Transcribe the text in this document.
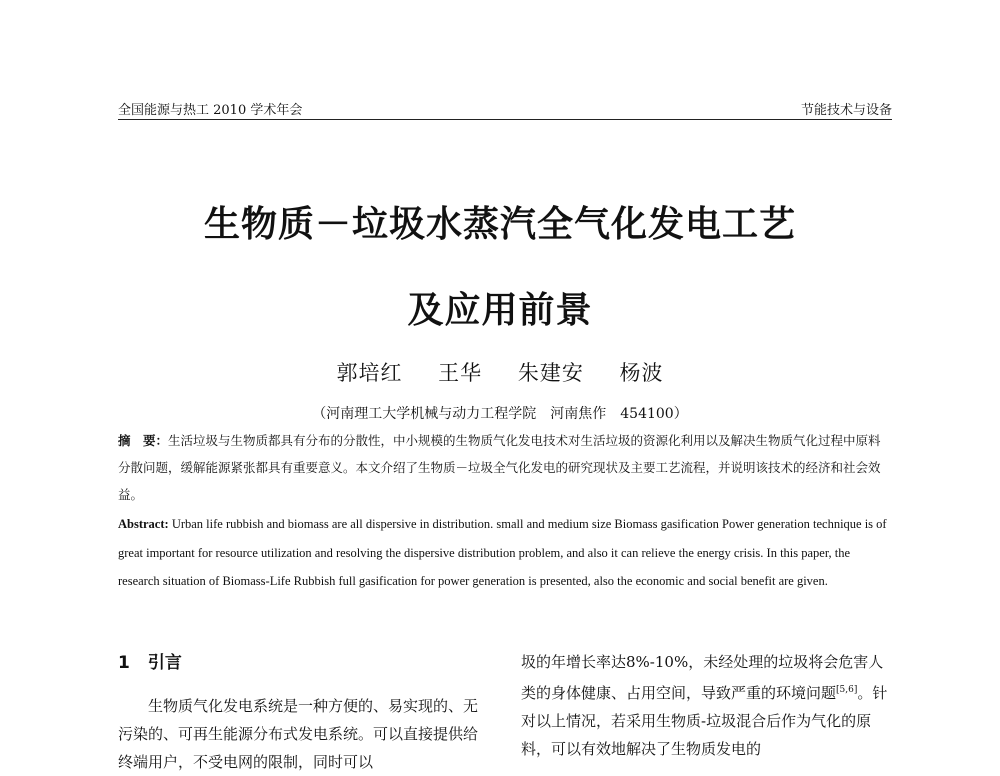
全国能源与热工 2010 学术年会	节能技术与设备
生物质－垃圾水蒸汽全气化发电工艺
及应用前景
郭培红 王华 朱建安 杨波
（河南理工大学机械与动力工程学院　河南焦作　454100）
摘　要：生活垃圾与生物质都具有分布的分散性，中小规模的生物质气化发电技术对生活垃圾的资源化利用以及解决生物质气化过程中原料分散问题，缓解能源紧张都具有重要意义。本文介绍了生物质－垃圾全气化发电的研究现状及主要工艺流程，并说明该技术的经济和社会效益。
Abstract: Urban life rubbish and biomass are all dispersive in distribution. small and medium size Biomass gasification Power generation technique is of great important for resource utilization and resolving the dispersive distribution problem, and also it can relieve the energy crisis. In this paper, the research situation of Biomass-Life Rubbish full gasification for power generation is presented, also the economic and social benefit are given.
1 引言

生物质气化发电系统是一种方便的、易实现的、无污染的、可再生能源分布式发电系统。可以直接提供给终端用户，不受电网的限制，同时可以

圾的年增长率达8%-10%，未经处理的垃圾将会危害人类的身体健康、占用空间，导致严重的环境问题[5,6]。针对以上情况，若采用生物质-垃圾混合后作为气化的原料，可以有效地解决了生物质发电的
